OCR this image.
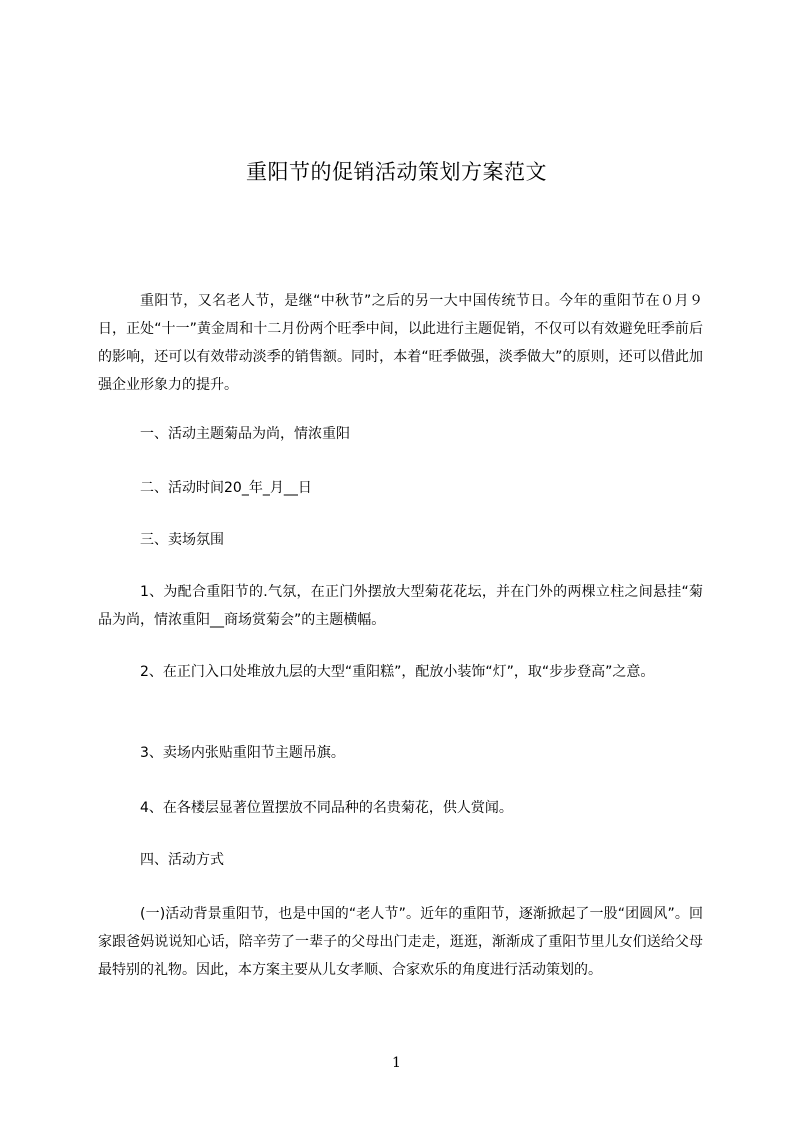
重阳节的促销活动策划方案范文

重阳节，又名老人节，是继“中秋节”之后的另一大中国传统节日。今年的重阳节在０月９日，正处“十一”黄金周和十二月份两个旺季中间，以此进行主题促销，不仅可以有效避免旺季前后的影响，还可以有效带动淡季的销售额。同时，本着“旺季做强，淡季做大”的原则，还可以借此加强企业形象力的提升。

一、活动主题菊品为尚，情浓重阳

二、活动时间20_年_月__日

三、卖场氛围

1、为配合重阳节的.气氛，在正门外摆放大型菊花花坛，并在门外的两棵立柱之间悬挂“菊品为尚，情浓重阳__商场赏菊会”的主题横幅。

2、在正门入口处堆放九层的大型“重阳糕”，配放小装饰“灯”，取“步步登高”之意。

3、卖场内张贴重阳节主题吊旗。

4、在各楼层显著位置摆放不同品种的名贵菊花，供人赏闻。

四、活动方式

(一)活动背景重阳节，也是中国的“老人节”。近年的重阳节，逐渐掀起了一股“团圆风”。回家跟爸妈说说知心话，陪辛劳了一辈子的父母出门走走，逛逛，渐渐成了重阳节里儿女们送给父母最特别的礼物。因此，本方案主要从儿女孝顺、合家欢乐的角度进行活动策划的。

1
